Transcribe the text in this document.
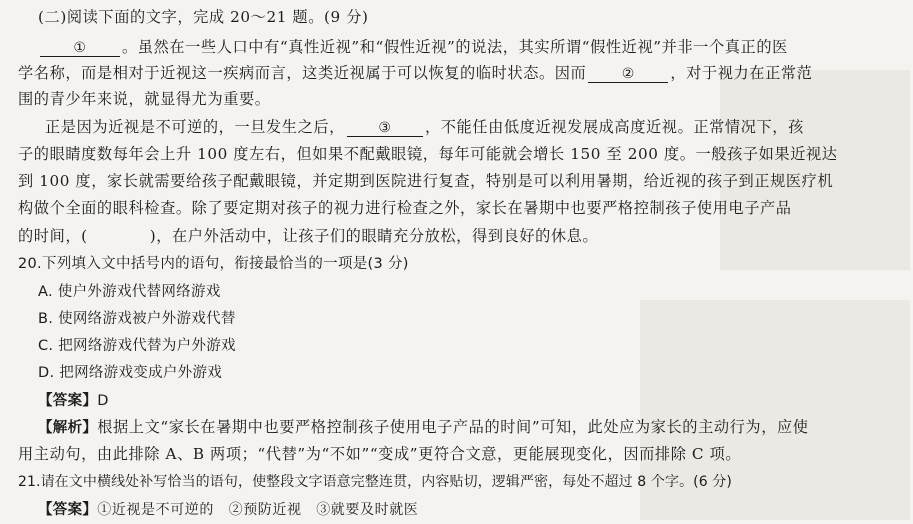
(二)阅读下面的文字，完成 20～21 题。(9 分)
① 。虽然在一些人口中有“真性近视”和“假性近视”的说法，其实所谓“假性近视”并非一个真正的医
学名称，而是相对于近视这一疾病而言，这类近视属于可以恢复的临时状态。因而	② ，对于视力在正常范
围的青少年来说，就显得尤为重要。
正是因为近视是不可逆的，一旦发生之后， ③ ，不能任由低度近视发展成高度近视。正常情况下，孩
子的眼睛度数每年会上升 100 度左右，但如果不配戴眼镜，每年可能就会增长 150 至 200 度。一般孩子如果近视达
到 100 度，家长就需要给孩子配戴眼镜，并定期到医院进行复查，特别是可以利用暑期，给近视的孩子到正规医疗机
构做个全面的眼科检查。除了要定期对孩子的视力进行检查之外，家长在暑期中也要严格控制孩子使用电子产品
的时间，(	)，在户外活动中，让孩子们的眼睛充分放松，得到良好的休息。
20.下列填入文中括号内的语句，衔接最恰当的一项是(3 分)
A. 使户外游戏代替网络游戏
B. 使网络游戏被户外游戏代替
C. 把网络游戏代替为户外游戏
D. 把网络游戏变成户外游戏
【答案】D
【解析】根据上文“家长在暑期中也要严格控制孩子使用电子产品的时间”可知，此处应为家长的主动行为，应使
用主动句，由此排除 A、B 两项；“代替”为“不如”“变成”更符合文意，更能展现变化，因而排除 C 项。
21.请在文中横线处补写恰当的语句，使整段文字语意完整连贯，内容贴切，逻辑严密，每处不超过 8 个字。(6 分)
【答案】①近视是不可逆的　②预防近视　③就要及时就医
